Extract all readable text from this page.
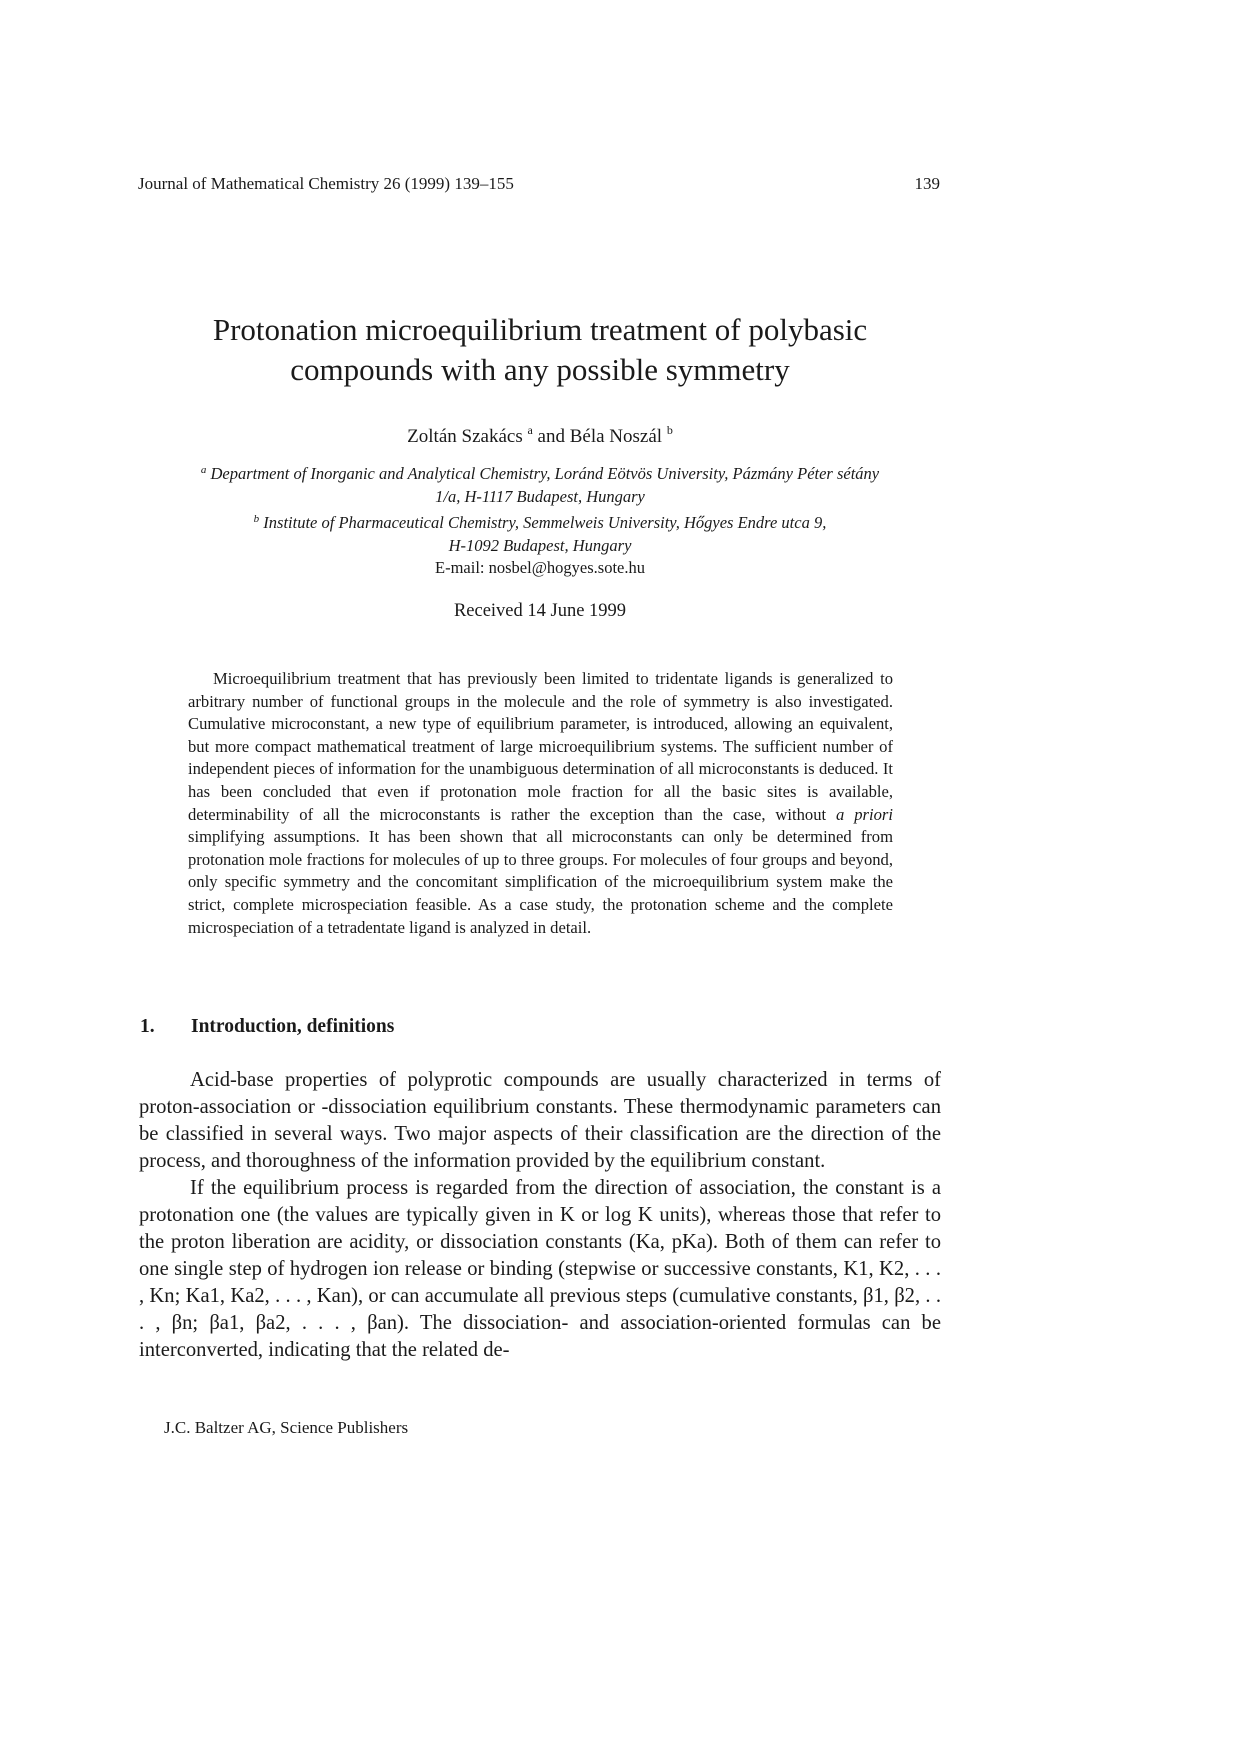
Journal of Mathematical Chemistry 26 (1999) 139–155	139
Protonation microequilibrium treatment of polybasic
compounds with any possible symmetry
Zoltán Szakács $^a$ and Béla Noszál $^b$
$^a$ Department of Inorganic and Analytical Chemistry, Loránd Eötvös University, Pázmány Péter sétány
1/a, H-1117 Budapest, Hungary
$^b$ Institute of Pharmaceutical Chemistry, Semmelweis University, Hőgyes Endre utca 9,
H-1092 Budapest, Hungary
E-mail: nosbel@hogyes.sote.hu
Received 14 June 1999

Microequilibrium treatment that has previously been limited to tridentate ligands is generalized to arbitrary number of functional groups in the molecule and the role of symmetry is also investigated. Cumulative microconstant, a new type of equilibrium parameter, is introduced, allowing an equivalent, but more compact mathematical treatment of large microequilibrium systems. The sufficient number of independent pieces of information for the unambiguous determination of all microconstants is deduced. It has been concluded that even if protonation mole fraction for all the basic sites is available, determinability of all the microconstants is rather the exception than the case, without a priori simplifying assumptions. It has been shown that all microconstants can only be determined from protonation mole fractions for molecules of up to three groups. For molecules of four groups and beyond, only specific symmetry and the concomitant simplification of the microequilibrium system make the strict, complete microspeciation feasible. As a case study, the protonation scheme and the complete microspeciation of a tetradentate ligand is analyzed in detail.

1. Introduction, definitions

Acid-base properties of polyprotic compounds are usually characterized in terms of proton-association or -dissociation equilibrium constants. These thermodynamic parameters can be classified in several ways. Two major aspects of their classification are the direction of the process, and thoroughness of the information provided by the equilibrium constant.

If the equilibrium process is regarded from the direction of association, the constant is a protonation one (the values are typically given in K or log K units), whereas those that refer to the proton liberation are acidity, or dissociation constants (Ka, pKa). Both of them can refer to one single step of hydrogen ion release or binding (stepwise or successive constants, K1, K2, . . . , Kn; Ka1, Ka2, . . . , Kan), or can accumulate all previous steps (cumulative constants, β1, β2, . . . , βn; βa1, βa2, . . . , βan). The dissociation- and association-oriented formulas can be interconverted, indicating that the related de-

J.C. Baltzer AG, Science Publishers
